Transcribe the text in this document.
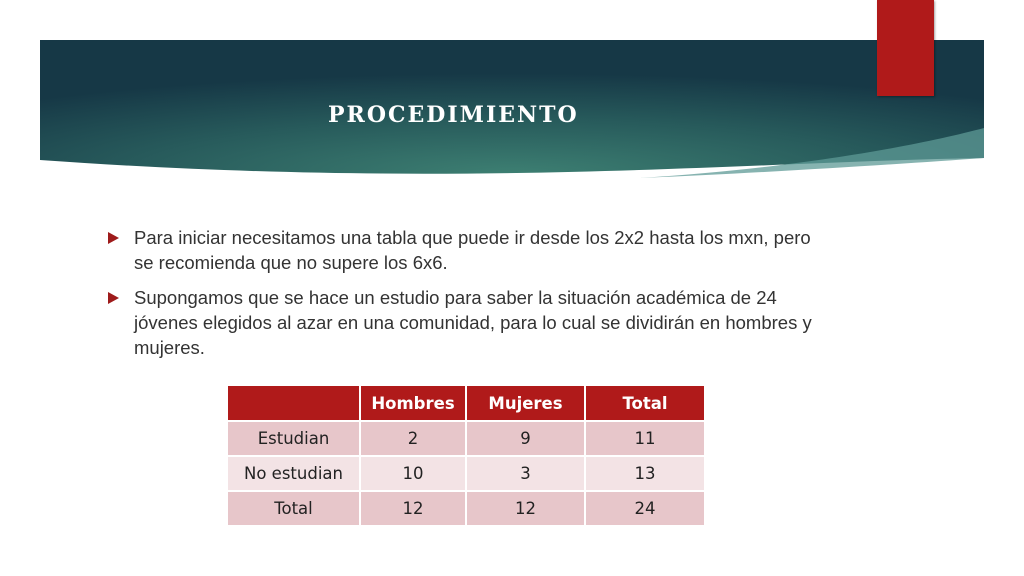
procedimiento
Para iniciar necesitamos una tabla que puede ir desde los 2x2 hasta los mxn, pero se recomienda que no supere los 6x6.
Supongamos que se hace un estudio para saber la situación académica de 24 jóvenes elegidos al azar en una comunidad, para lo cual se dividirán en hombres y mujeres.
	Hombres	Mujeres	Total
Estudian	2	9	11
No estudian	10	3	13
Total	12	12	24
